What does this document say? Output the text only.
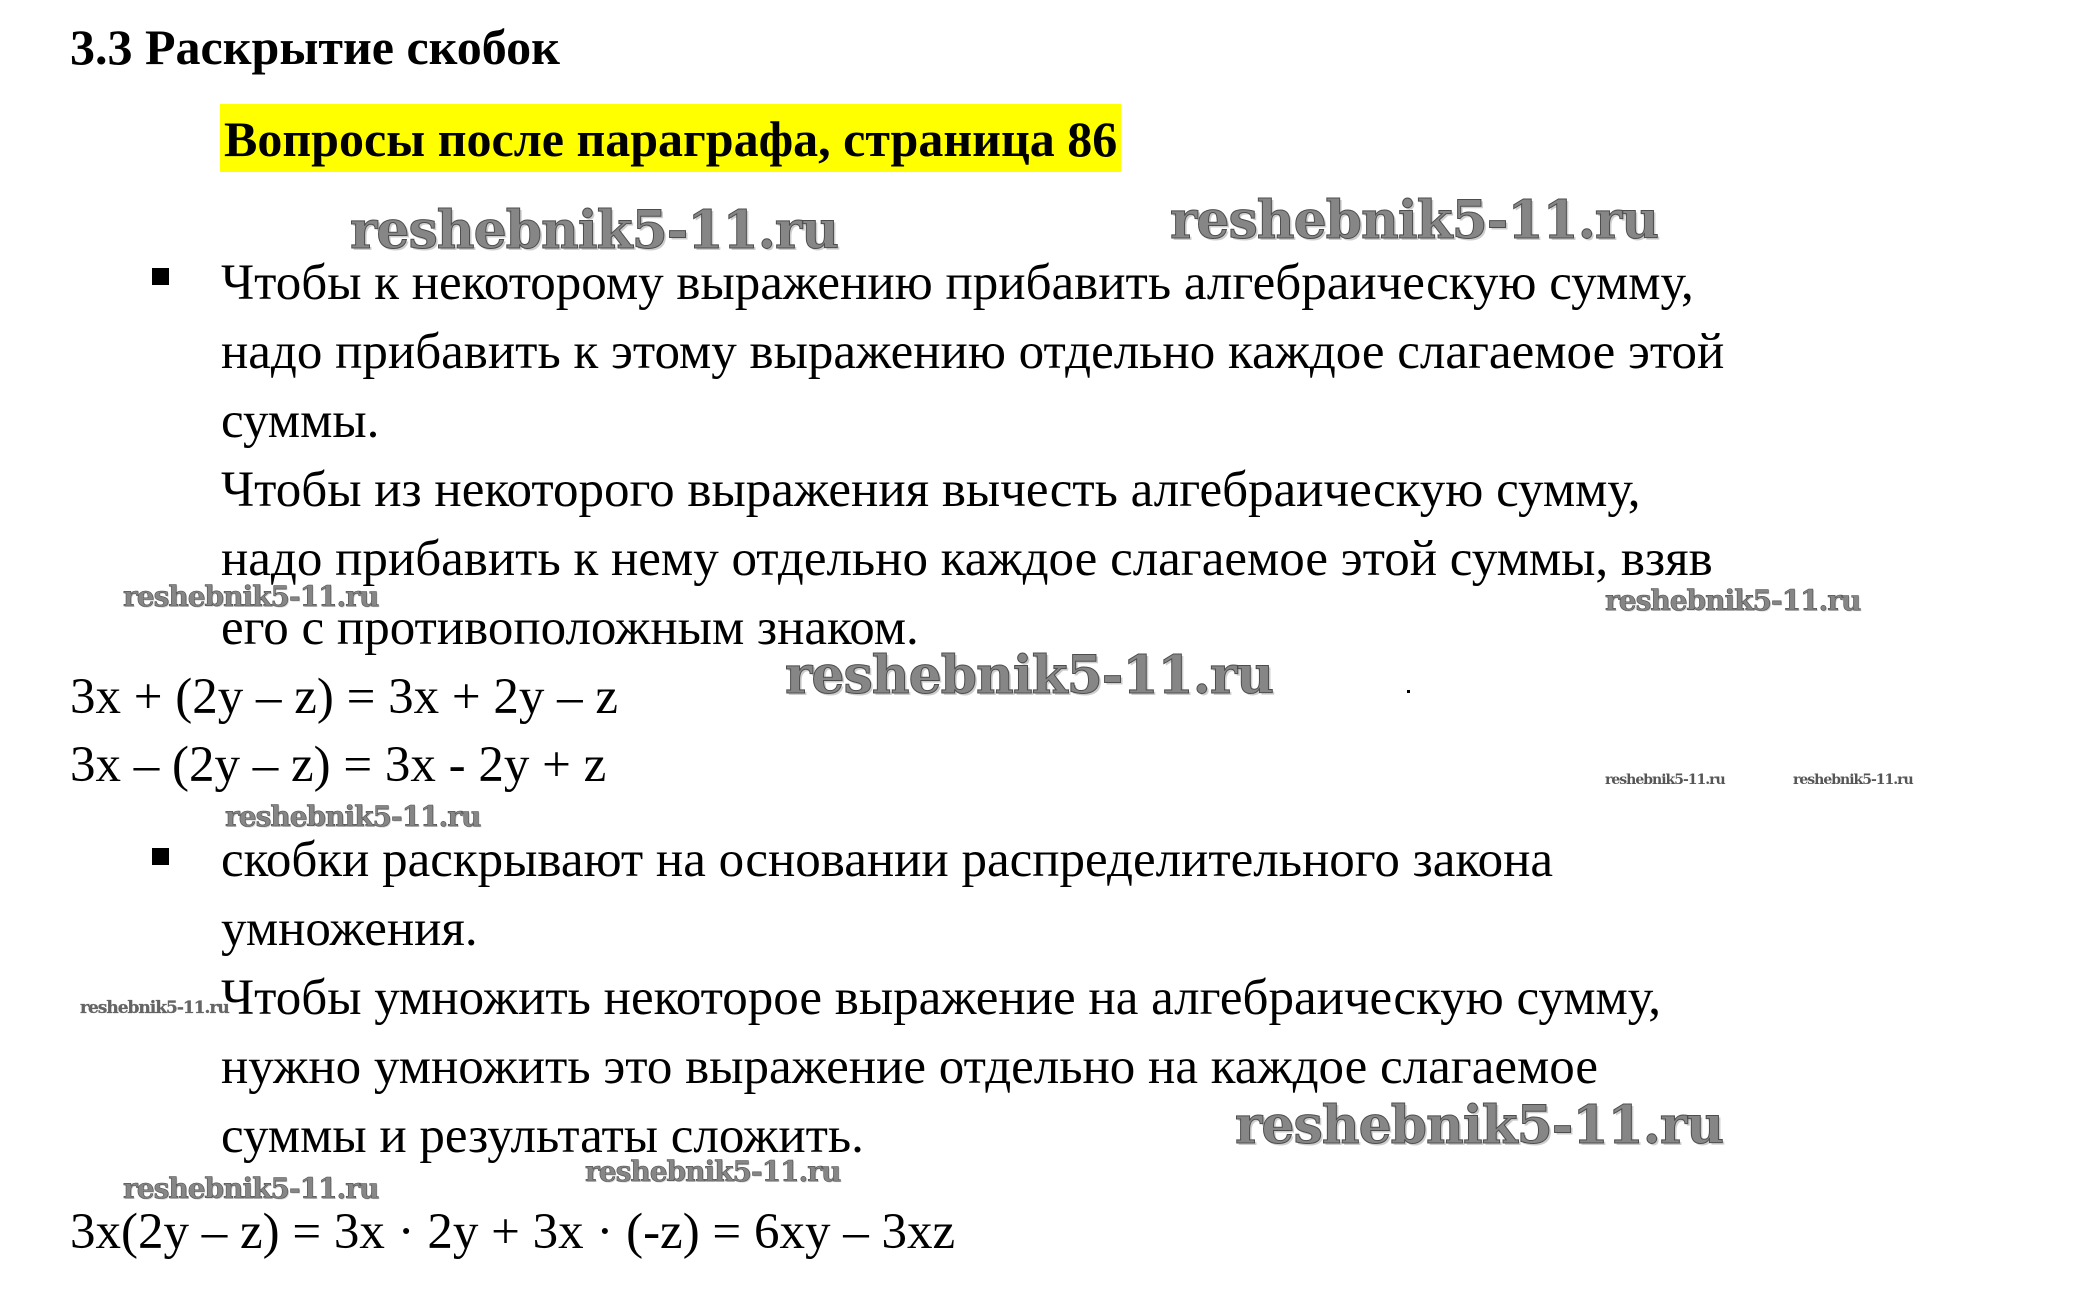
3.3 Раскрытие скобок
Вопросы после параграфа, страница 86
reshebnik5-11.ru	reshebnik5-11.ru
Чтобы к некоторому выражению прибавить алгебраическую сумму,
надо прибавить к этому выражению отдельно каждое слагаемое этой
суммы.
Чтобы из некоторого выражения вычесть алгебраическую сумму,
надо прибавить к нему отдельно каждое слагаемое этой суммы, взяв
его с противоположным знаком.
reshebnik5-11.ru	reshebnik5-11.ru
reshebnik5-11.ru
3x + (2y – z) = 3x + 2y – z
3x – (2y – z) = 3x - 2y + z	reshebnik5-11.ru	reshebnik5-11.ru
reshebnik5-11.ru
скобки раскрывают на основании распределительного закона
умножения.
reshebnik5-11.ru
Чтобы умножить некоторое выражение на алгебраическую сумму,
нужно умножить это выражение отдельно на каждое слагаемое
суммы и результаты сложить.	reshebnik5-11.ru
reshebnik5-11.ru
reshebnik5-11.ru
3x(2y – z) = 3x · 2y + 3x · (-z) = 6xy – 3xz
